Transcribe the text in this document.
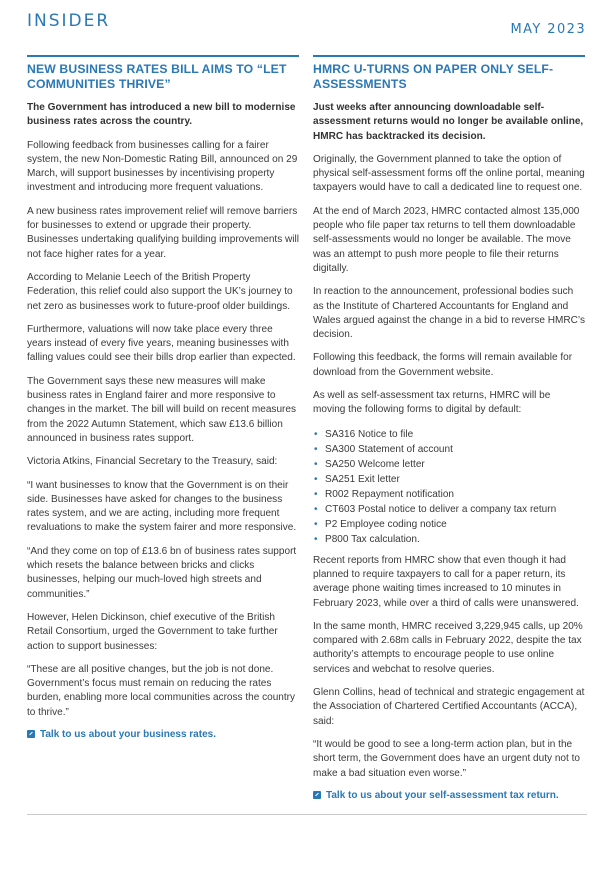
INSIDER	MAY 2023
NEW BUSINESS RATES BILL AIMS TO “LET COMMUNITIES THRIVE”

The Government has introduced a new bill to modernise business rates across the country.

Following feedback from businesses calling for a fairer system, the new Non-Domestic Rating Bill, announced on 29 March, will support businesses by incentivising property investment and introducing more frequent valuations.

A new business rates improvement relief will remove barriers for businesses to extend or upgrade their property. Businesses undertaking qualifying building improvements will not face higher rates for a year.

According to Melanie Leech of the British Property Federation, this relief could also support the UK’s journey to net zero as businesses work to future-proof older buildings.

Furthermore, valuations will now take place every three years instead of every five years, meaning businesses with falling values could see their bills drop earlier than expected.

The Government says these new measures will make business rates in England fairer and more responsive to changes in the market. The bill will build on recent measures from the 2022 Autumn Statement, which saw £13.6 billion announced in business rates support.

Victoria Atkins, Financial Secretary to the Treasury, said:

“I want businesses to know that the Government is on their side. Businesses have asked for changes to the business rates system, and we are acting, including more frequent revaluations to make the system fairer and more responsive.

“And they come on top of £13.6 bn of business rates support which resets the balance between bricks and clicks businesses, helping our much-loved high streets and communities.”

However, Helen Dickinson, chief executive of the British Retail Consortium, urged the Government to take further action to support businesses:

“These are all positive changes, but the job is not done. Government’s focus must remain on reducing the rates burden, enabling more local communities across the country to thrive.”

Talk to us about your business rates.
HMRC U-TURNS ON PAPER ONLY SELF-ASSESSMENTS

Just weeks after announcing downloadable self-assessment returns would no longer be available online, HMRC has backtracked its decision.

Originally, the Government planned to take the option of physical self-assessment forms off the online portal, meaning taxpayers would have to call a dedicated line to request one.

At the end of March 2023, HMRC contacted almost 135,000 people who file paper tax returns to tell them downloadable self-assessments would no longer be available. The move was an attempt to push more people to file their returns digitally.

In reaction to the announcement, professional bodies such as the Institute of Chartered Accountants for England and Wales argued against the change in a bid to reverse HMRC’s decision.

Following this feedback, the forms will remain available for download from the Government website.

As well as self-assessment tax returns, HMRC will be moving the following forms to digital by default:

• SA316 Notice to file
• SA300 Statement of account
• SA250 Welcome letter
• SA251 Exit letter
• R002 Repayment notification
• CT603 Postal notice to deliver a company tax return
• P2 Employee coding notice
• P800 Tax calculation.

Recent reports from HMRC show that even though it had planned to require taxpayers to call for a paper return, its average phone waiting times increased to 10 minutes in February 2023, while over a third of calls were unanswered.

In the same month, HMRC received 3,229,945 calls, up 20% compared with 2.68m calls in February 2022, despite the tax authority’s attempts to encourage people to use online services and webchat to resolve queries.

Glenn Collins, head of technical and strategic engagement at the Association of Chartered Certified Accountants (ACCA), said:

“It would be good to see a long-term action plan, but in the short term, the Government does have an urgent duty not to make a bad situation even worse.”

Talk to us about your self-assessment tax return.
